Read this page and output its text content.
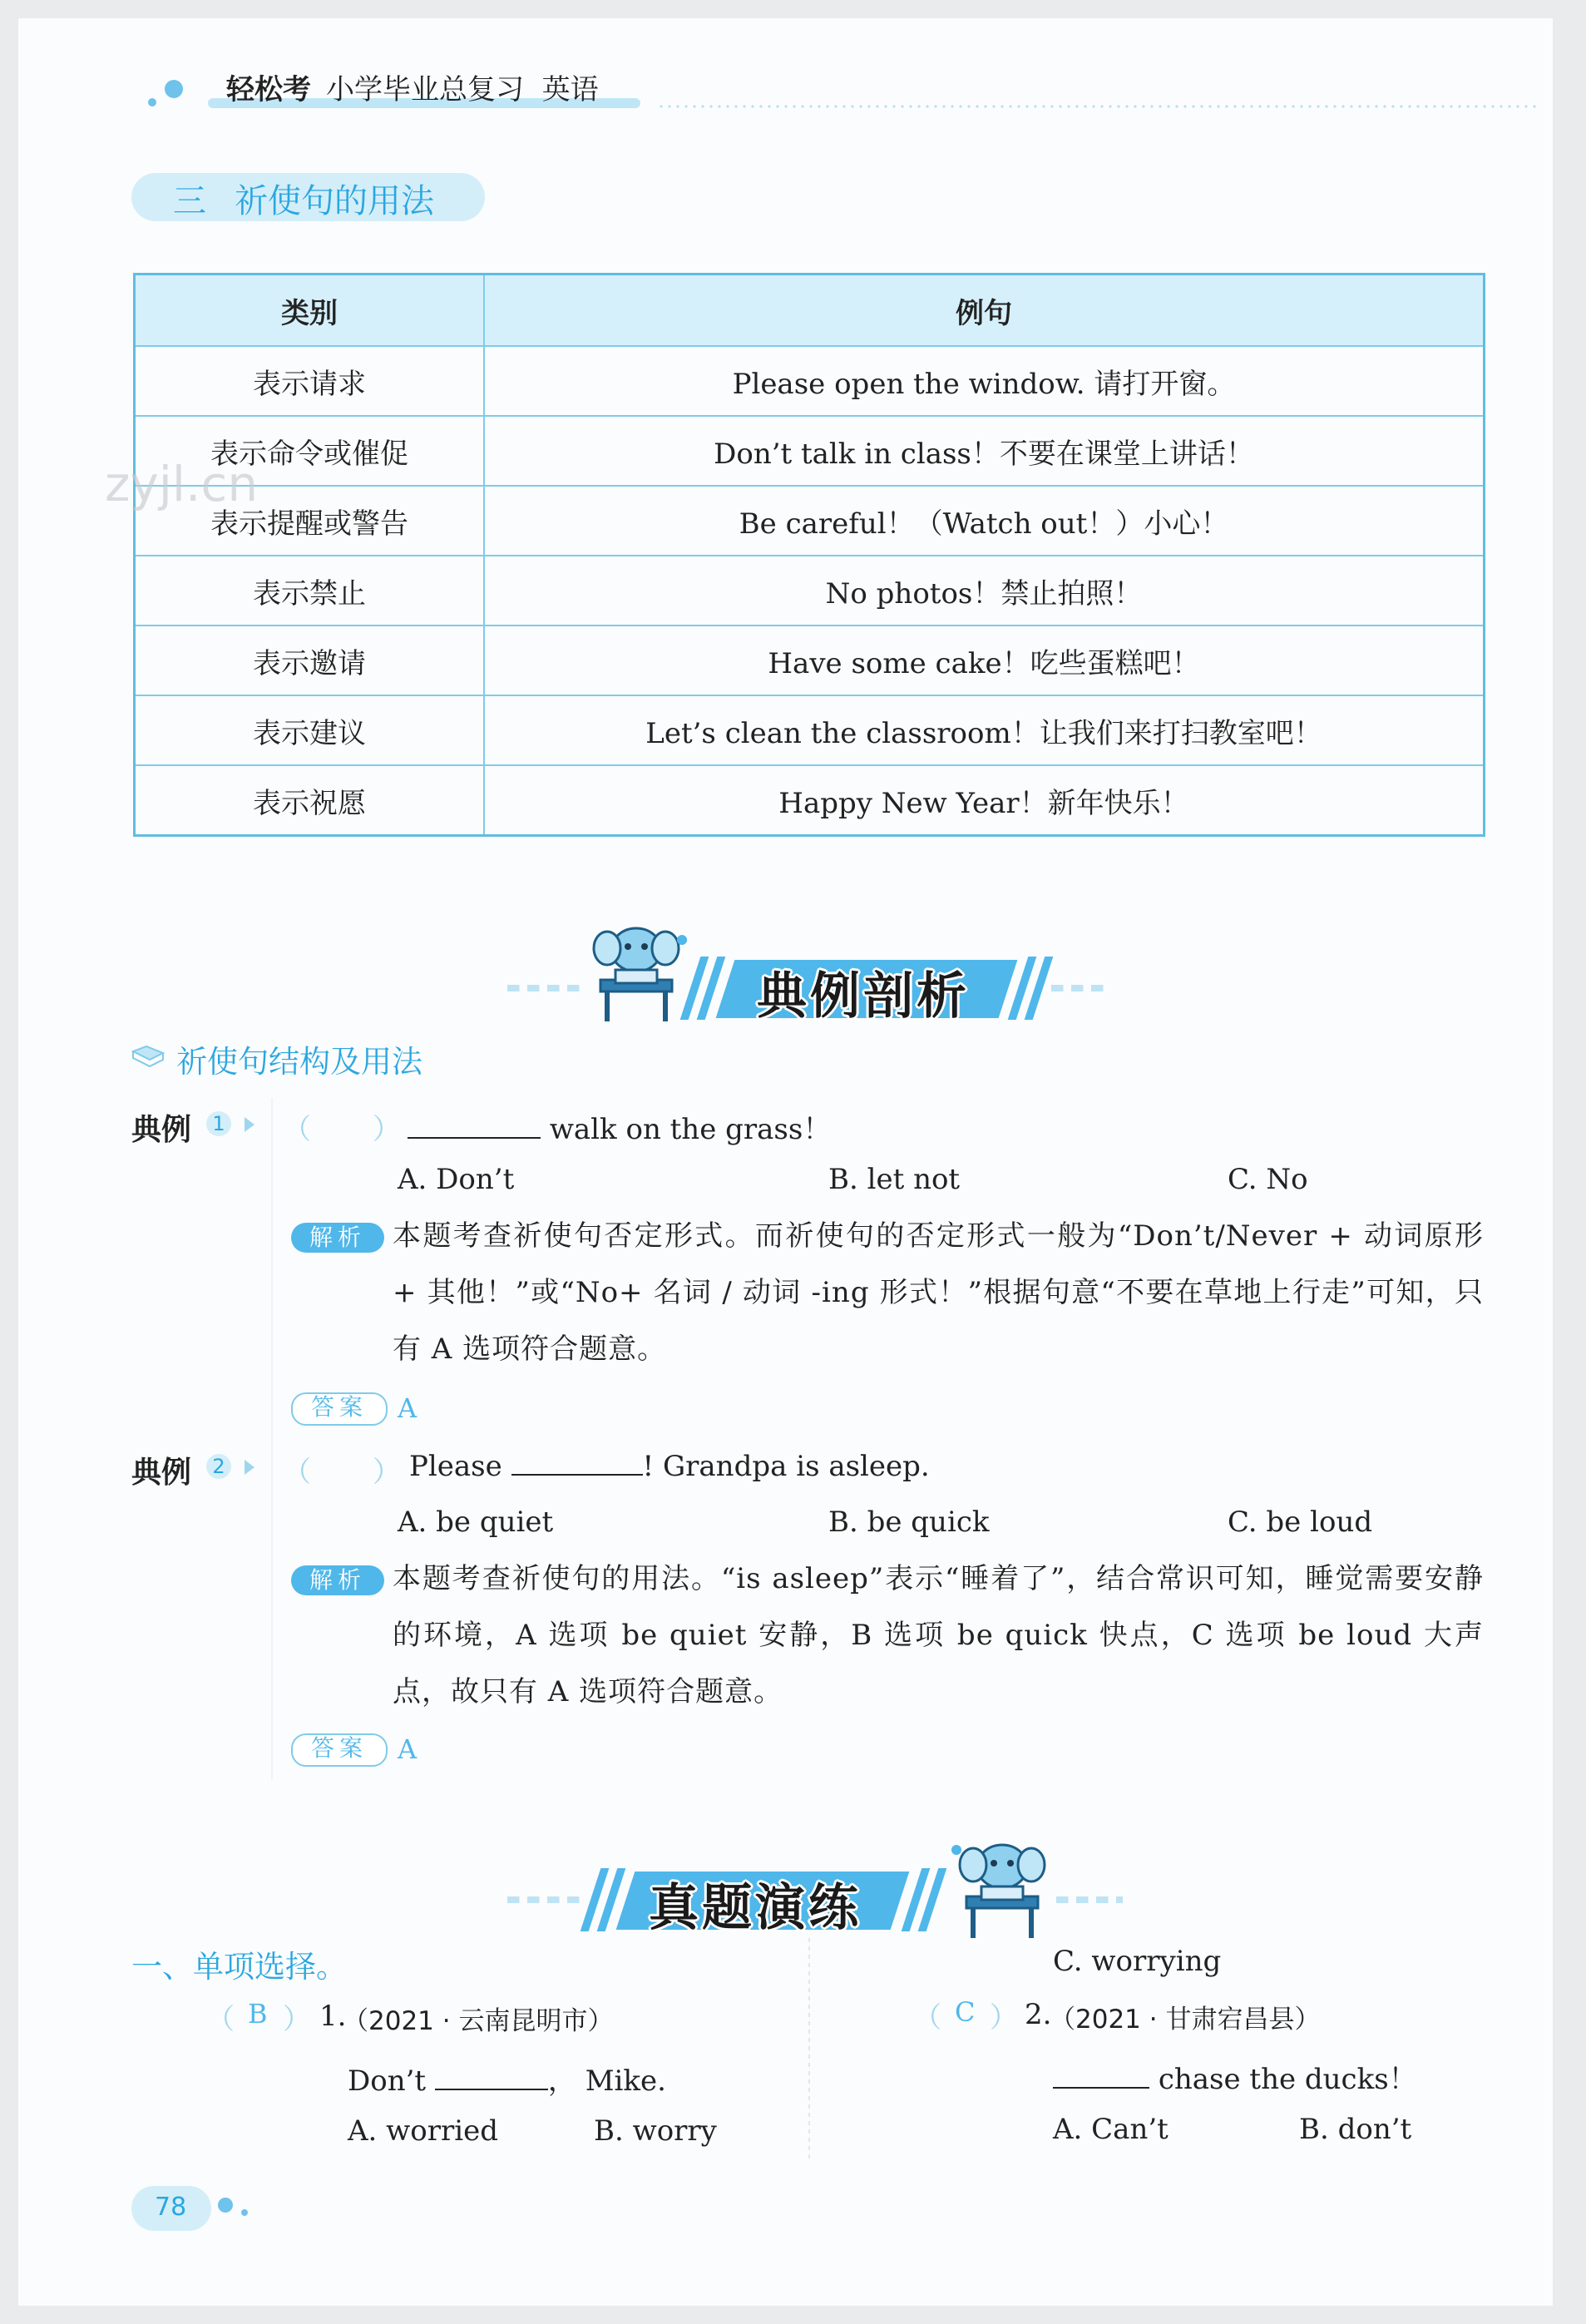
轻松考 小学毕业总复习 英语
三 祈使句的用法
类别	例句
表示请求	Please open the window. 请打开窗。
表示命令或催促	Don’t talk in class！不要在课堂上讲话！
表示提醒或警告	Be careful！（Watch out！）小心！
表示禁止	No photos！禁止拍照！
表示邀请	Have some cake！吃些蛋糕吧！
表示建议	Let’s clean the classroom！让我们来打扫教室吧！
表示祝愿	Happy New Year！新年快乐！
zyjl.cn
典例剖析
祈使句结构及用法
典例	1 （ ）	walk on the grass！
A. Don’t	B. let not	C. No
解析 本题考查祈使句否定形式。而祈使句的否定形式一般为“Don’t/Never + 动词原形 + 其他！”或“No+ 名词 / 动词 -ing 形式！”根据句意“不要在草地上行走”可知，只有 A 选项符合题意。
答案	A
典例	2 （ ） Please	! Grandpa is asleep.
A. be quiet	B. be quick	C. be loud
解析 本题考查祈使句的用法。“is asleep”表示“睡着了”，结合常识可知，睡觉需要安静的环境，A 选项 be quiet 安静，B 选项 be quick 快点，C 选项 be loud 大声点，故只有 A 选项符合题意。
答案	A
真题演练
一、单项选择。
（ B ） 1.
（2021 · 云南昆明市）
Don’t	， Mike.
A. worried	B. worry
C. worrying
（ C ） 2.
（2021 · 甘肃宕昌县）
chase the ducks！
A. Can’t	B. don’t
78
